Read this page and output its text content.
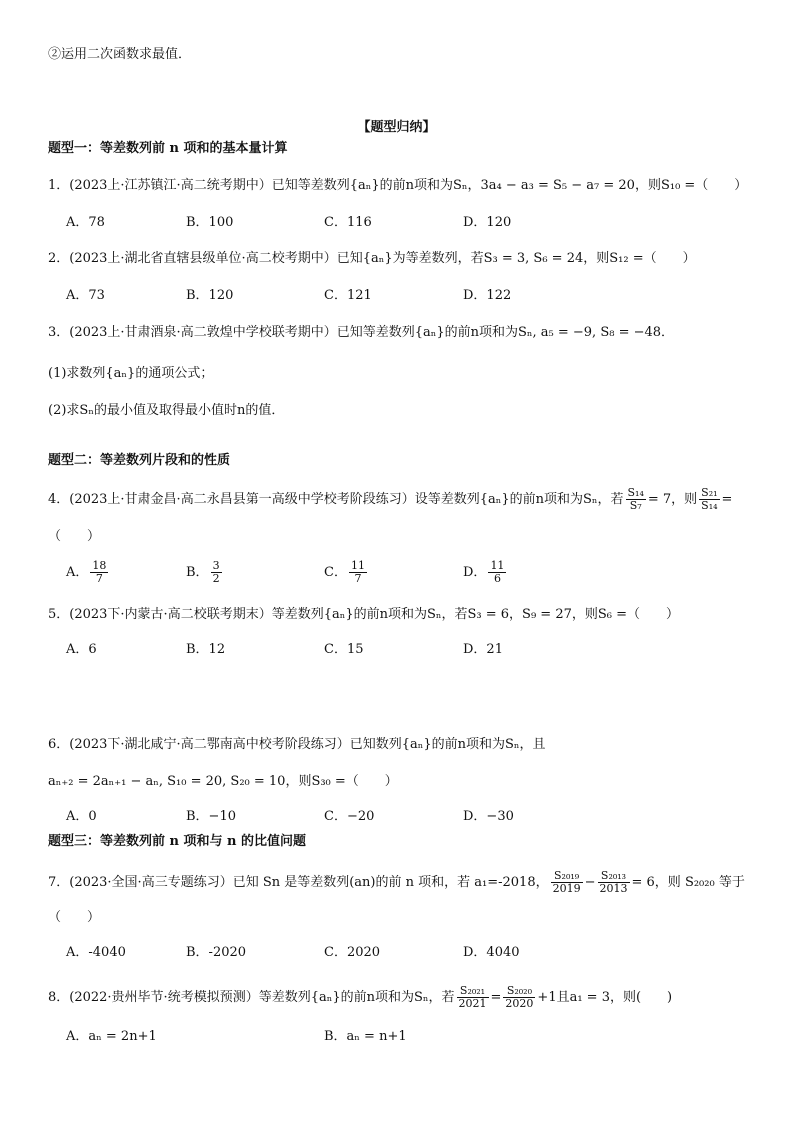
②运用二次函数求最值．
【题型归纳】
题型一：等差数列前 n 项和的基本量计算
1．(2023上·江苏镇江·高二统考期中）已知等差数列{aₙ}的前n项和为Sₙ，3a₄ − a₃ = S₅ − a₇ = 20，则S₁₀ =（　　）
A．78	B．100	C．116	D．120
2．(2023上·湖北省直辖县级单位·高二校考期中）已知{aₙ}为等差数列，若S₃ = 3, S₆ = 24，则S₁₂ =（　　）
A．73	B．120	C．121	D．122
3．(2023上·甘肃酒泉·高二敦煌中学校联考期中）已知等差数列{aₙ}的前n项和为Sₙ, a₅ = −9, S₈ = −48．
(1)求数列{aₙ}的通项公式；
(2)求Sₙ的最小值及取得最小值时n的值．
题型二：等差数列片段和的性质
4．(2023上·甘肃金昌·高二永昌县第一高级中学校考阶段练习）设等差数列{aₙ}的前n项和为Sₙ，若 $\frac{\text{S₁₄}}{\text{S₇}} = 7$，则 $\frac{\text{S₂₁}}{\text{S₁₄}}$ =
（　　）
A． $\frac{18}{7}$	B． $\frac{3}{2}$	C． $\frac{11}{7}$	D． $\frac{11}{6}$
5．(2023下·内蒙古·高二校联考期末）等差数列{aₙ}的前n项和为Sₙ，若S₃ = 6，S₉ = 27，则S₆ =（　　）
A．6	B．12	C．15	D．21
6．(2023下·湖北咸宁·高二鄂南高中校考阶段练习）已知数列{aₙ}的前n项和为Sₙ，且
aₙ₊₂ = 2aₙ₊₁ − aₙ, S₁₀ = 20, S₂₀ = 10，则S₃₀ =（　　）
A．0	B．−10	C．−20	D．−30
题型三：等差数列前 n 项和与 n 的比值问题
7．(2023·全国·高三专题练习）已知 Sn 是等差数列(an)的前 n 项和，若 a₁=-2018， $\frac{\text{S₂₀₁₉}}{2019} - \frac{\text{S₂₀₁₃}}{2013} = 6$，则 S₂₀₂₀ 等于
（　　）
A．-4040	B．-2020	C．2020	D．4040
8．(2022·贵州毕节·统考模拟预测）等差数列{aₙ}的前n项和为Sₙ，若 $\frac{\text{S₂₀₂₁}}{2021} = \frac{\text{S₂₀₂₀}}{2020} +1$且a₁ = 3，则(　　)
A．aₙ = 2n+1	B．aₙ = n+1
